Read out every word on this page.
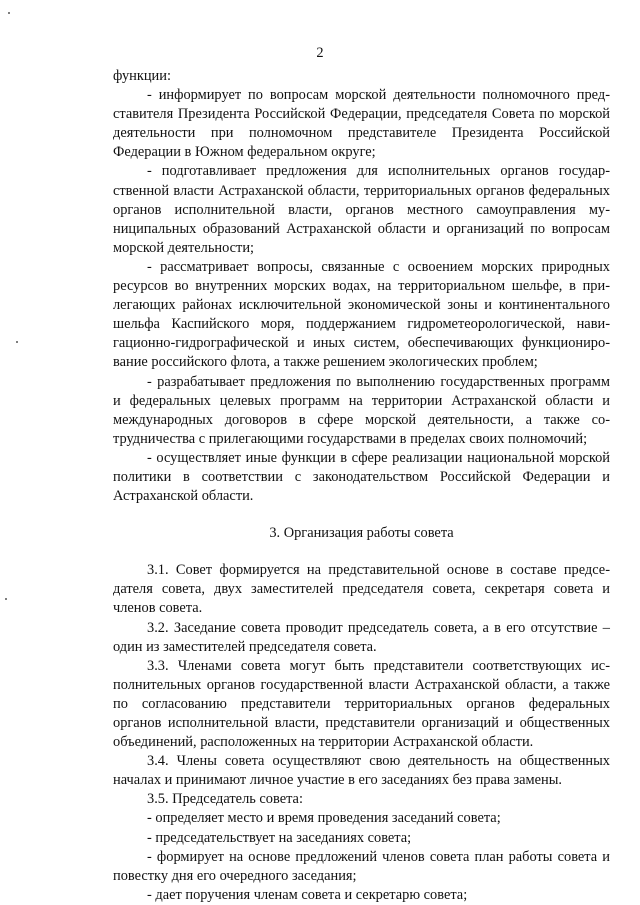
2

функции:

- информирует по вопросам морской деятельности полномочного представителя Президента Российской Федерации, председателя Совета по морской деятельности при полномочном представителе Президента Российской Федерации в Южном федеральном округе;

- подготавливает предложения для исполнительных органов государственной власти Астраханской области, территориальных органов федеральных органов исполнительной власти, органов местного самоуправления муниципальных образований Астраханской области и организаций по вопросам морской деятельности;

- рассматривает вопросы, связанные с освоением морских природных ресурсов во внутренних морских водах, на территориальном шельфе, в прилегающих районах исключительной экономической зоны и континентального шельфа Каспийского моря, поддержанием гидрометеорологической, навигационно-гидрографической и иных систем, обеспечивающих функционирование российского флота, а также решением экологических проблем;

- разрабатывает предложения по выполнению государственных программ и федеральных целевых программ на территории Астраханской области и международных договоров в сфере морской деятельности, а также сотрудничества с прилегающими государствами в пределах своих полномочий;

- осуществляет иные функции в сфере реализации национальной морской политики в соответствии с законодательством Российской Федерации и Астраханской области.

3. Организация работы совета

3.1. Совет формируется на представительной основе в составе председателя совета, двух заместителей председателя совета, секретаря совета и членов совета.

3.2. Заседание совета проводит председатель совета, а в его отсутствие – один из заместителей председателя совета.

3.3. Членами совета могут быть представители соответствующих исполнительных органов государственной власти Астраханской области, а также по согласованию представители территориальных органов федеральных органов исполнительной власти, представители организаций и общественных объединений, расположенных на территории Астраханской области.

3.4. Члены совета осуществляют свою деятельность на общественных началах и принимают личное участие в его заседаниях без права замены.

3.5. Председатель совета:

- определяет место и время проведения заседаний совета;

- председательствует на заседаниях совета;

- формирует на основе предложений членов совета план работы совета и повестку дня его очередного заседания;

- дает поручения членам совета и секретарю совета;
